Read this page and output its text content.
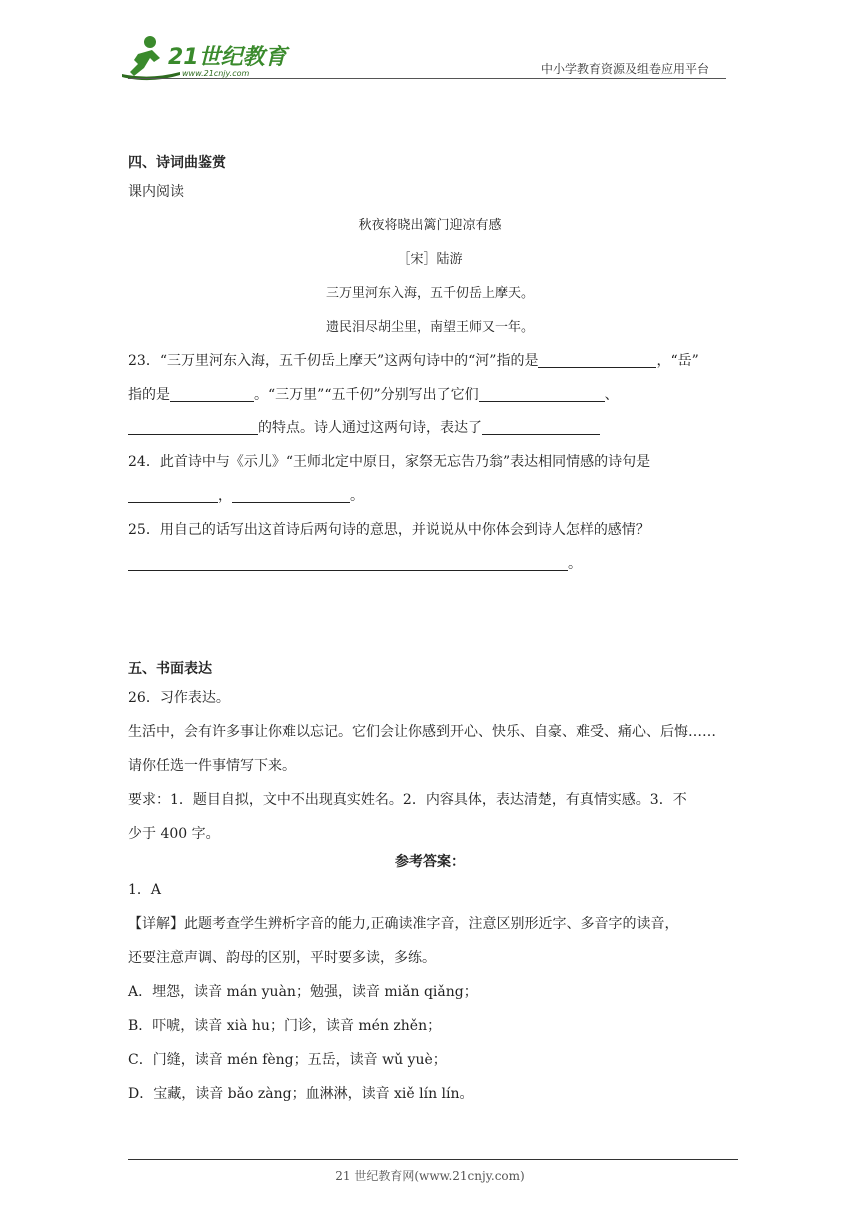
21世纪教育
www.21cnjy.com	中小学教育资源及组卷应用平台
四、诗词曲鉴赏
课内阅读
秋夜将晓出篱门迎凉有感
［宋］陆游
三万里河东入海，五千仞岳上摩天。
遗民泪尽胡尘里，南望王师又一年。
23．“三万里河东入海，五千仞岳上摩天”这两句诗中的“河”指的是	，“岳”
指的是	。“三万里”“五千仞”分别写出了它们	、
的特点。诗人通过这两句诗，表达了
24．此首诗中与《示儿》“王师北定中原日，家祭无忘告乃翁”表达相同情感的诗句是
，	。
25．用自己的话写出这首诗后两句诗的意思，并说说从中你体会到诗人怎样的感情？
。
五、书面表达
26．习作表达。
生活中，会有许多事让你难以忘记。它们会让你感到开心、快乐、自豪、难受、痛心、后悔……
请你任选一件事情写下来。
要求：1．题目自拟，文中不出现真实姓名。2．内容具体，表达清楚，有真情实感。3．不
少于 400 字。
参考答案：
1．A
【详解】此题考查学生辨析字音的能力,正确读准字音，注意区别形近字、多音字的读音，
还要注意声调、韵母的区别，平时要多读，多练。
A．埋怨，读音 mán yuàn；勉强，读音 miǎn qiǎng；
B．吓唬，读音 xià hu；门诊，读音 mén zhěn；
C．门缝，读音 mén fèng；五岳，读音 wǔ yuè；
D．宝藏，读音 bǎo zàng；血淋淋，读音 xiě lín lín。
21 世纪教育网(www.21cnjy.com)
